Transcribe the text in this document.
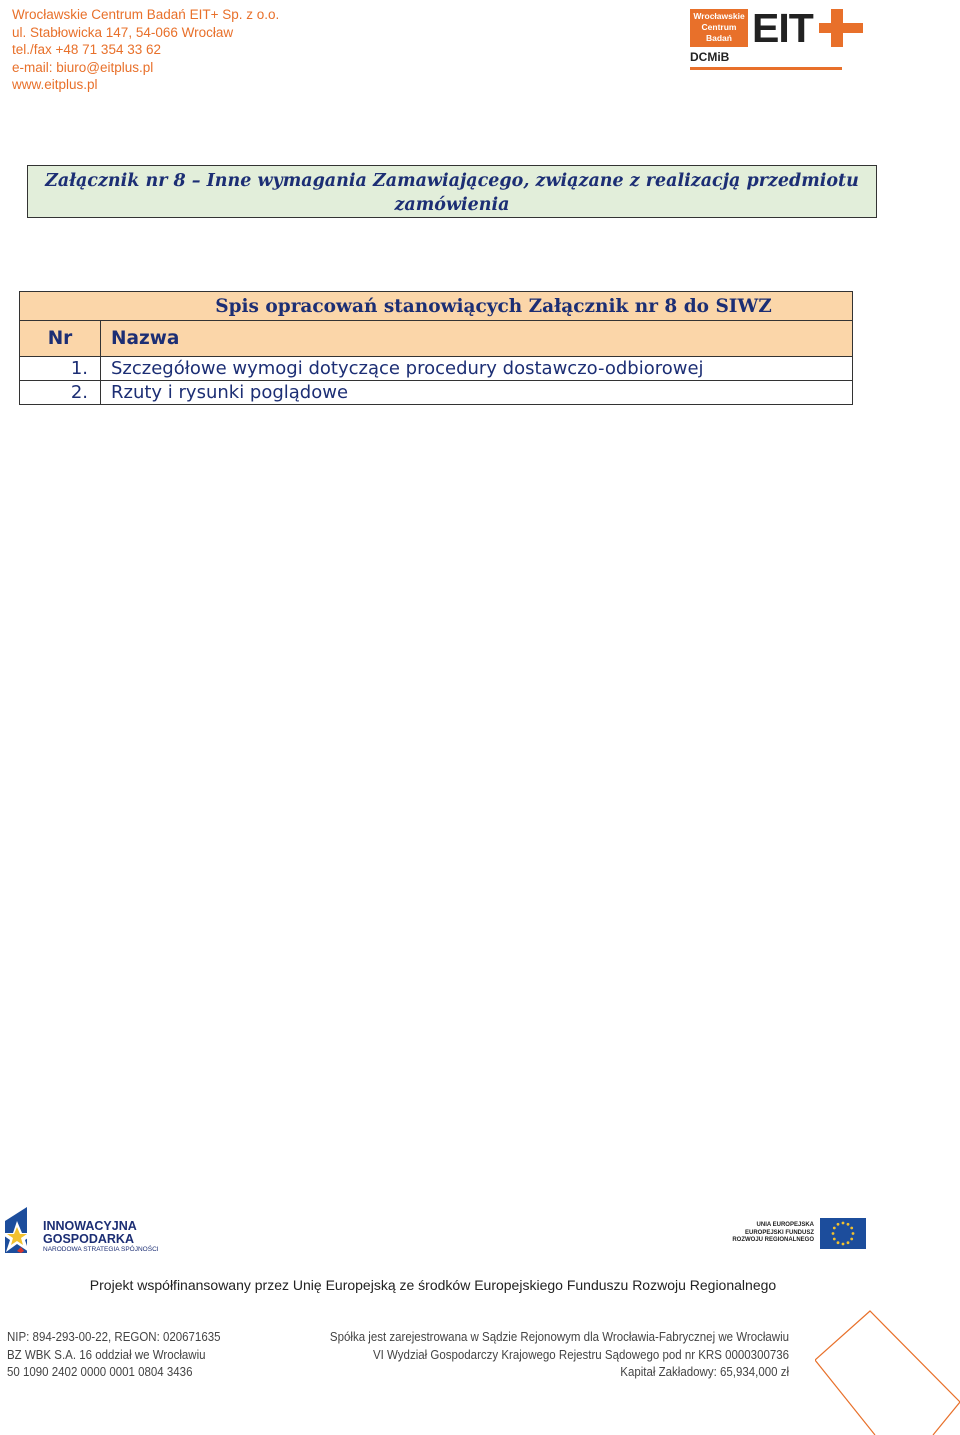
Wrocławskie Centrum Badań EIT+ Sp. z o.o.
ul. Stabłowicka 147, 54-066 Wrocław
tel./fax +48 71 354 33 62
e-mail: biuro@eitplus.pl
www.eitplus.pl
Wrocławskie
Centrum
Badań EIT
DCMiB
Załącznik nr 8 – Inne wymagania Zamawiającego, związane z realizacją przedmiotu
zamówienia
Spis opracowań stanowiących Załącznik nr 8 do SIWZ	
Nr	Nazwa
1.	Szczegółowe wymogi dotyczące procedury dostawczo-odbiorowej
2.	Rzuty i rysunki poglądowe
INNOWACYJNA
GOSPODARKA
NARODOWA STRATEGIA SPÓJNOŚCI
UNIA EUROPEJSKA
EUROPEJSKI FUNDUSZ
ROZWOJU REGIONALNEGO
Projekt współfinansowany przez Unię Europejską ze środków Europejskiego Funduszu Rozwoju Regionalnego
NIP: 894-293-00-22, REGON: 020671635
BZ WBK S.A. 16 oddział we Wrocławiu
50 1090 2402 0000 0001 0804 3436
Spółka jest zarejestrowana w Sądzie Rejonowym dla Wrocławia-Fabrycznej we Wrocławiu
VI Wydział Gospodarczy Krajowego Rejestru Sądowego pod nr KRS 0000300736
Kapitał Zakładowy: 65,934,000 zł
